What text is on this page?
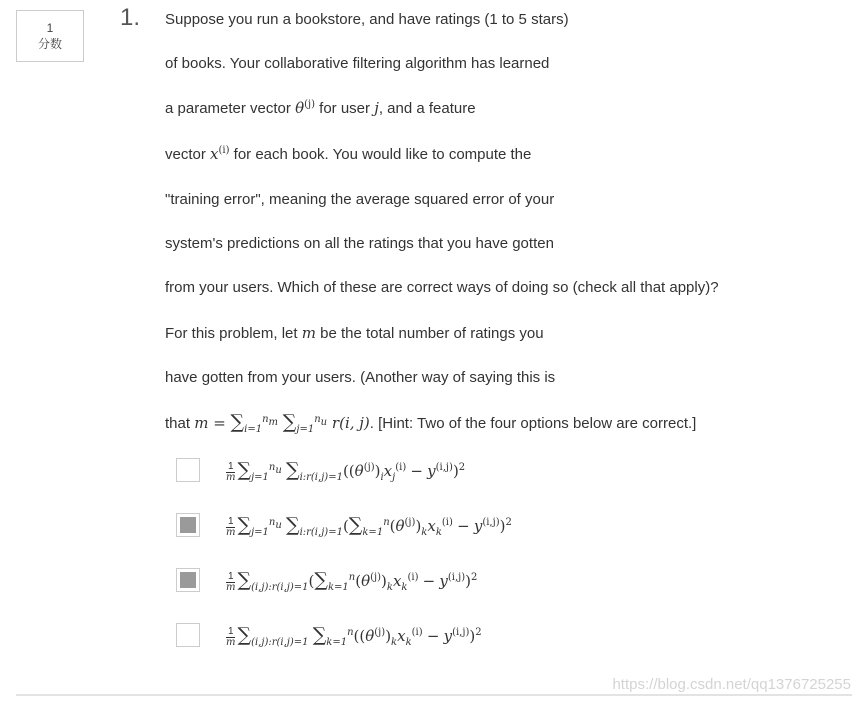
1
分数
1. Suppose you run a bookstore, and have ratings (1 to 5 stars)
of books. Your collaborative filtering algorithm has learned
a parameter vector $\theta^{(j)}$ for user j, and a feature
vector $x^{(i)}$ for each book. You would like to compute the
"training error", meaning the average squared error of your
system's predictions on all the ratings that you have gotten
from your users. Which of these are correct ways of doing so (check all that apply)?
For this problem, let m be the total number of ratings you
have gotten from your users. (Another way of saying this is
that $m = \sum_{i=1}^{n_m}$ $\sum_{j=1}^{n_u}$ r(i, j). [Hint: Two of the four options below are correct.]
$\frac{1}{m} \sum_{j=1}^{n_u}$ $\sum_{i:r(i,j)=1}((\theta^{(j)})_ix_j^{(i)} - y^{(i,j)})^2$
$\frac{1}{m} \sum_{j=1}^{n_u}$ $\sum_{i:r(i,j)=1}(\sum_{k=1}^n(\theta^{(j)})_kx_k^{(i)} - y^{(i,j)})^2$
$\frac{1}{m} \sum_{(i,j):r(i,j)=1}(\sum_{k=1}^n(\theta^{(j)})_kx_k^{(i)} - y^{(i,j)})^2$
$\frac{1}{m} \sum_{(i,j):r(i,j)=1}$ $\sum_{k=1}^n((\theta^{(j)})_kx_k^{(i)} - y^{(i,j)})^2$
https://blog.csdn.net/qq1376725255
